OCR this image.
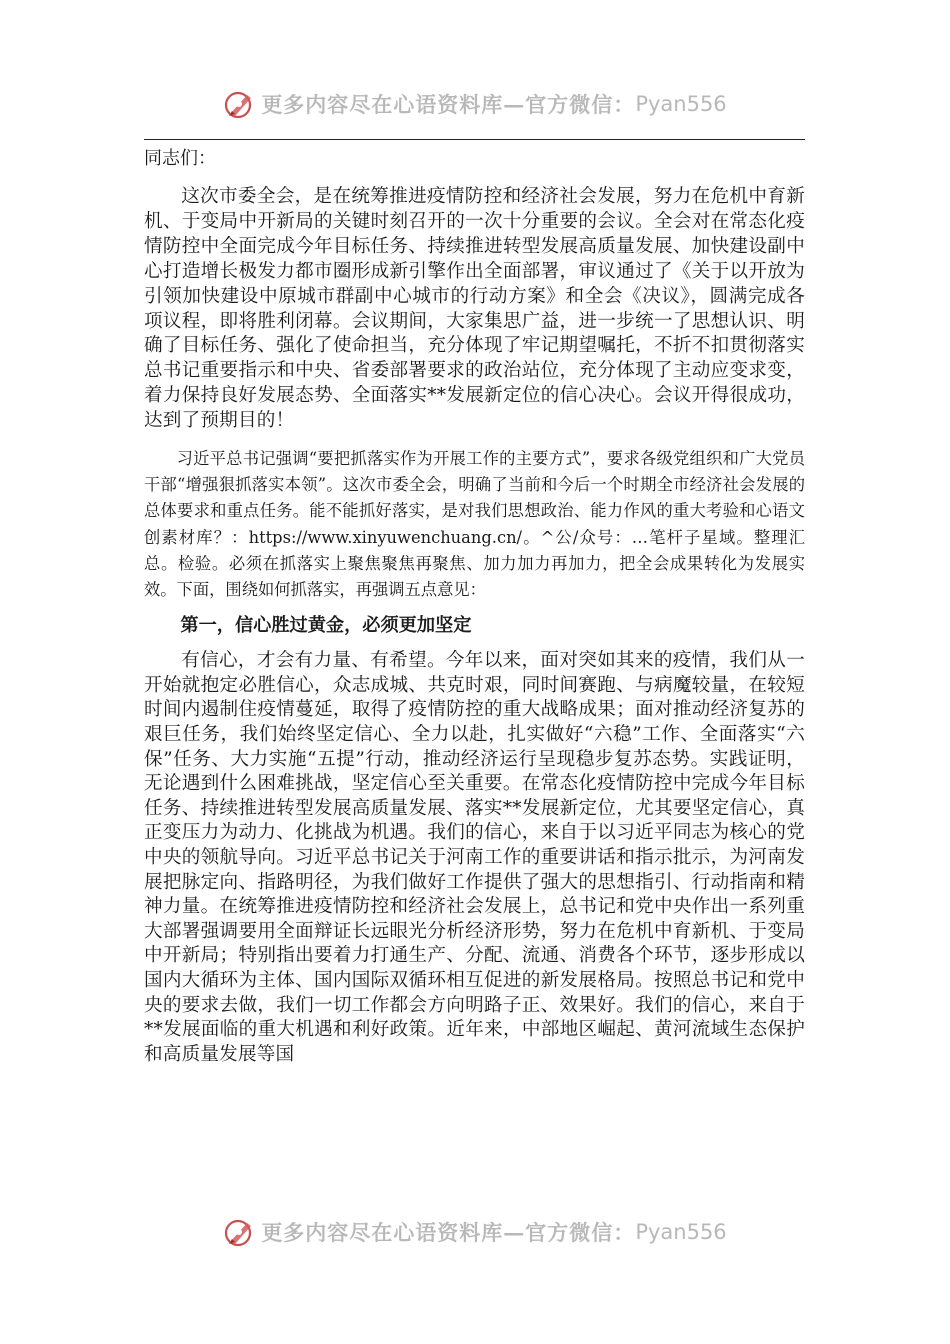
更多内容尽在心语资料库—官方微信： Pyan556
同志们：

这次市委全会，是在统筹推进疫情防控和经济社会发展，努力在危机中育新机、于变局中开新局的关键时刻召开的一次十分重要的会议。全会对在常态化疫情防控中全面完成今年目标任务、持续推进转型发展高质量发展、加快建设副中心打造增长极发力都市圈形成新引擎作出全面部署，审议通过了《关于以开放为引领加快建设中原城市群副中心城市的行动方案》和全会《决议》，圆满完成各项议程，即将胜利闭幕。会议期间，大家集思广益，进一步统一了思想认识、明确了目标任务、强化了使命担当，充分体现了牢记期望嘱托，不折不扣贯彻落实总书记重要指示和中央、省委部署要求的政治站位，充分体现了主动应变求变，着力保持良好发展态势、全面落实**发展新定位的信心决心。会议开得很成功，达到了预期目的！

习近平总书记强调“要把抓落实作为开展工作的主要方式”，要求各级党组织和广大党员干部“增强狠抓落实本领”。这次市委全会，明确了当前和今后一个时期全市经济社会发展的总体要求和重点任务。能不能抓好落实，是对我们思想政治、能力作风的重大考验和心语文创素材库？：https://www.xinyuwenchuang.cn/。^公/众号：…笔杆子星域。整理汇总。检验。必须在抓落实上聚焦聚焦再聚焦、加力加力再加力，把全会成果转化为发展实效。下面，围绕如何抓落实，再强调五点意见：

第一，信心胜过黄金，必须更加坚定

有信心，才会有力量、有希望。今年以来，面对突如其来的疫情，我们从一开始就抱定必胜信心，众志成城、共克时艰，同时间赛跑、与病魔较量，在较短时间内遏制住疫情蔓延，取得了疫情防控的重大战略成果；面对推动经济复苏的艰巨任务，我们始终坚定信心、全力以赴，扎实做好“六稳”工作、全面落实“六保”任务、大力实施“五提”行动，推动经济运行呈现稳步复苏态势。实践证明，无论遇到什么困难挑战，坚定信心至关重要。在常态化疫情防控中完成今年目标任务、持续推进转型发展高质量发展、落实**发展新定位，尤其要坚定信心，真正变压力为动力、化挑战为机遇。我们的信心，来自于以习近平同志为核心的党中央的领航导向。习近平总书记关于河南工作的重要讲话和指示批示，为河南发展把脉定向、指路明径，为我们做好工作提供了强大的思想指引、行动指南和精神力量。在统筹推进疫情防控和经济社会发展上，总书记和党中央作出一系列重大部署强调要用全面辩证长远眼光分析经济形势，努力在危机中育新机、于变局中开新局；特别指出要着力打通生产、分配、流通、消费各个环节，逐步形成以国内大循环为主体、国内国际双循环相互促进的新发展格局。按照总书记和党中央的要求去做，我们一切工作都会方向明路子正、效果好。我们的信心，来自于**发展面临的重大机遇和利好政策。近年来，中部地区崛起、黄河流域生态保护和高质量发展等国

更多内容尽在心语资料库—官方微信： Pyan556
